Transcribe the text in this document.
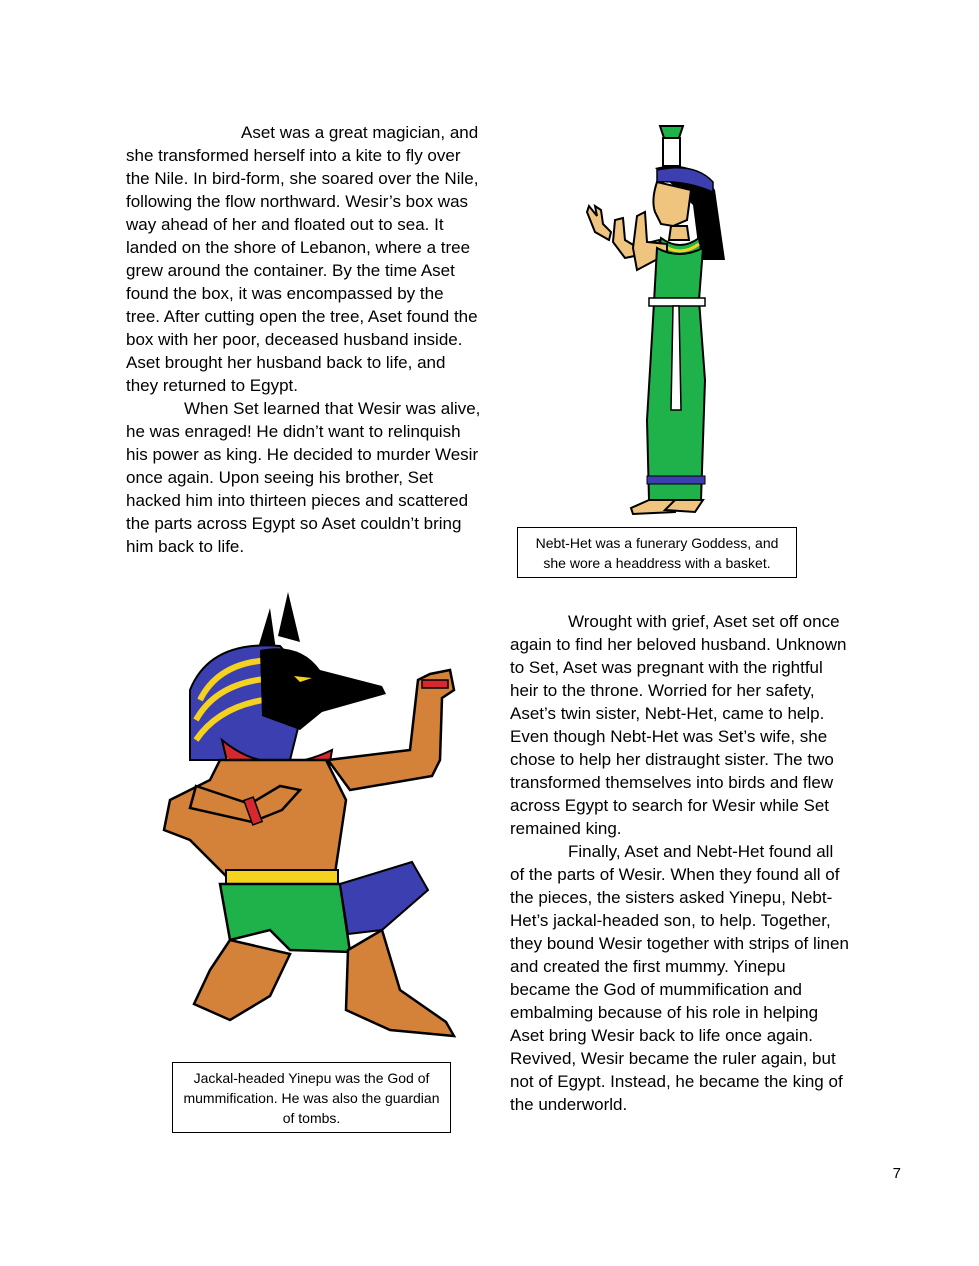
Aset was a great magician, and she transformed herself into a kite to fly over the Nile. In bird-form, she soared over the Nile, following the flow northward. Wesir’s box was way ahead of her and floated out to sea. It landed on the shore of Lebanon, where a tree grew around the container. By the time Aset found the box, it was encompassed by the tree. After cutting open the tree, Aset found the box with her poor, deceased husband inside. Aset brought her husband back to life, and they returned to Egypt.

When Set learned that Wesir was alive, he was enraged! He didn’t want to relinquish his power as king. He decided to murder Wesir once again. Upon seeing his brother, Set hacked him into thirteen pieces and scattered the parts across Egypt so Aset couldn’t bring him back to life.	Nebt-Het was a funerary Goddess, and she wore a headdress with a basket.
Jackal-headed Yinepu was the God of mummification. He was also the guardian of tombs.

Wrought with grief, Aset set off once again to find her beloved husband. Unknown to Set, Aset was pregnant with the rightful heir to the throne. Worried for her safety, Aset’s twin sister, Nebt-Het, came to help. Even though Nebt-Het was Set’s wife, she chose to help her distraught sister. The two transformed themselves into birds and flew across Egypt to search for Wesir while Set remained king.

Finally, Aset and Nebt-Het found all of the parts of Wesir. When they found all of the pieces, the sisters asked Yinepu, Nebt-Het’s jackal-headed son, to help. Together, they bound Wesir together with strips of linen and created the first mummy. Yinepu became the God of mummification and embalming because of his role in helping Aset bring Wesir back to life once again. Revived, Wesir became the ruler again, but not of Egypt. Instead, he became the king of the underworld.

7
